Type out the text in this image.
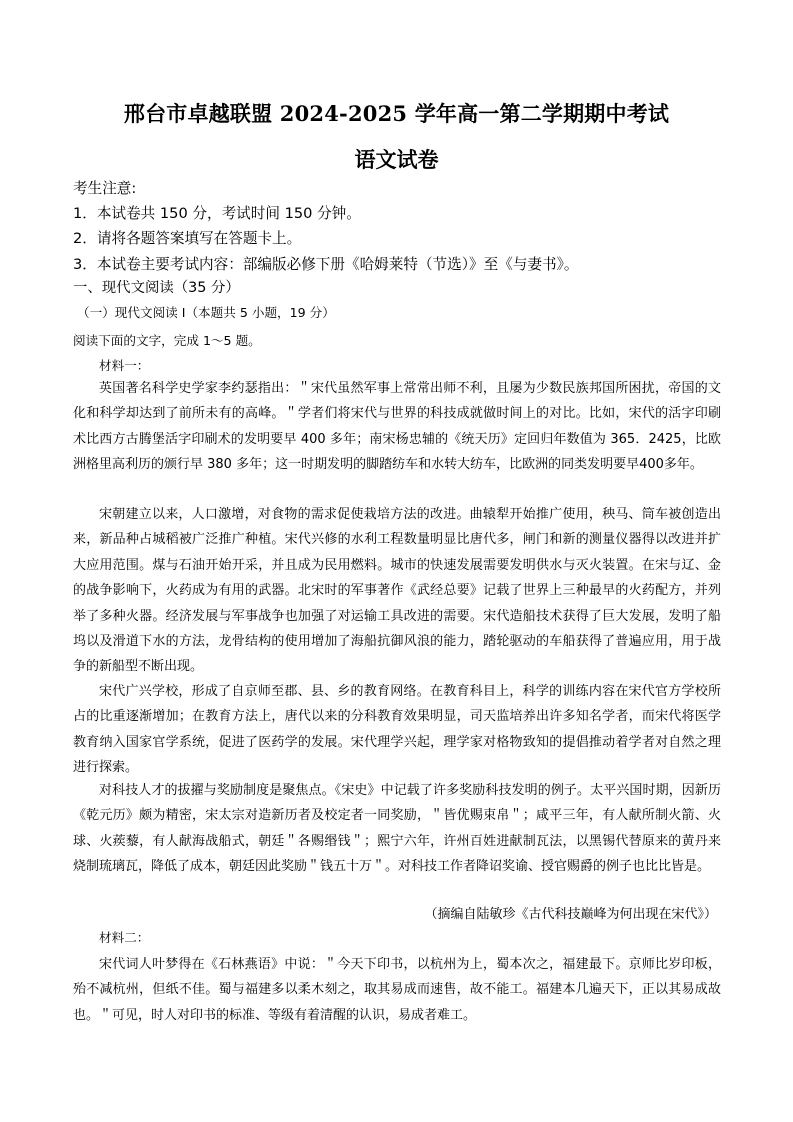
邢台市卓越联盟 2024-2025 学年高一第二学期期中考试
语文试卷
考生注意:
1．本试卷共 150 分，考试时间 150 分钟。
2．请将各题答案填写在答题卡上。
3．本试卷主要考试内容：部编版必修下册《哈姆莱特（节选）》至《与妻书》。
一、现代文阅读（35 分）
（一）现代文阅读 I（本题共 5 小题，19 分）
阅读下面的文字，完成 1～5 题。
材料一：
英国著名科学史学家李约瑟指出：＂宋代虽然军事上常常出师不利，且屡为少数民族邦国所困扰，帝国的文化和科学却达到了前所未有的高峰。＂学者们将宋代与世界的科技成就做时间上的对比。比如，宋代的活字印刷术比西方古腾堡活字印刷术的发明要早 400 多年；南宋杨忠辅的《统天历》定回归年数值为 365．2425，比欧洲格里高利历的颁行早 380 多年；这一时期发明的脚踏纺车和水转大纺车，比欧洲的同类发明要早400多年。
宋朝建立以来，人口激增，对食物的需求促使栽培方法的改进。曲辕犁开始推广使用，秧马、筒车被创造出来，新品种占城稻被广泛推广种植。宋代兴修的水利工程数量明显比唐代多，闸门和新的测量仪器得以改进并扩大应用范围。煤与石油开始开采，并且成为民用燃料。城市的快速发展需要发明供水与灭火装置。在宋与辽、金的战争影响下，火药成为有用的武器。北宋时的军事著作《武经总要》记载了世界上三种最早的火药配方，并列举了多种火器。经济发展与军事战争也加强了对运输工具改进的需要。宋代造船技术获得了巨大发展，发明了船坞以及滑道下水的方法，龙骨结构的使用增加了海船抗御风浪的能力，踏轮驱动的车船获得了普遍应用，用于战争的新船型不断出现。
宋代广兴学校，形成了自京师至郡、县、乡的教育网络。在教育科目上，科学的训练内容在宋代官方学校所占的比重逐渐增加；在教育方法上，唐代以来的分科教育效果明显，司天监培养出许多知名学者，而宋代将医学教育纳入国家官学系统，促进了医药学的发展。宋代理学兴起，理学家对格物致知的提倡推动着学者对自然之理进行探索。
对科技人才的拔擢与奖励制度是聚焦点。《宋史》中记载了许多奖励科技发明的例子。太平兴国时期，因新历《乾元历》颇为精密，宋太宗对造新历者及校定者一同奖励，＂皆优赐束帛＂；咸平三年，有人献所制火箭、火球、火蒺藜，有人献海战船式，朝廷＂各赐缗钱＂；熙宁六年，许州百姓进献制瓦法，以黑锡代替原来的黄丹来烧制琉璃瓦，降低了成本，朝廷因此奖励＂钱五十万＂。对科技工作者降诏奖谕、授官赐爵的例子也比比皆是。
（摘编自陆敏珍《古代科技巅峰为何出现在宋代》）
材料二：
宋代词人叶梦得在《石林燕语》中说：＂今天下印书，以杭州为上，蜀本次之，福建最下。京师比岁印板，殆不减杭州，但纸不佳。蜀与福建多以柔木刻之，取其易成而速售，故不能工。福建本几遍天下，正以其易成故也。＂可见，时人对印书的标准、等级有着清醒的认识，易成者难工。
